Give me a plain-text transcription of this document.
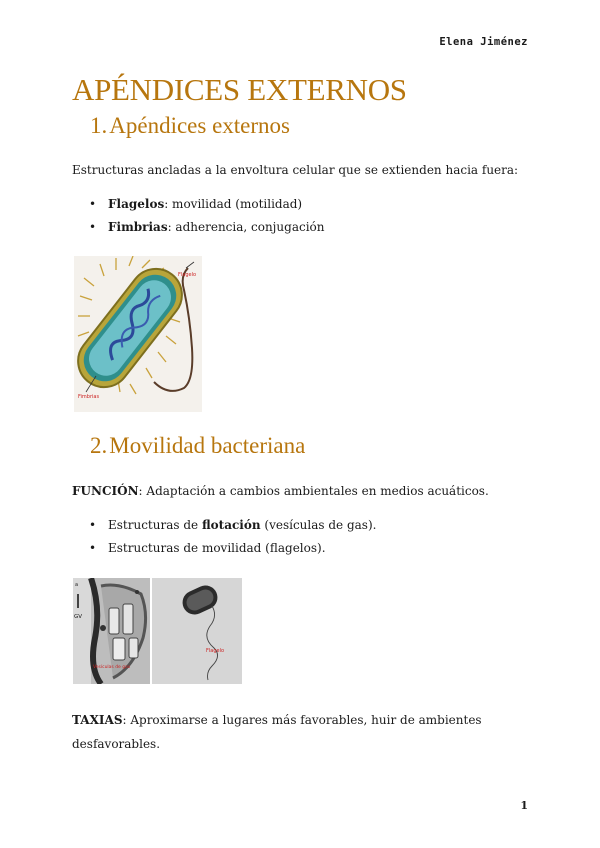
Elena Jiménez
APÉNDICES EXTERNOS
1.Apéndices externos

Estructuras ancladas a la envoltura celular que se extienden hacia fuera:

• Flagelos: movilidad (motilidad)
• Fimbrias: adherencia, conjugación
Flagelo
Fimbrias
2.Movilidad bacteriana

FUNCIÓN: Adaptación a cambios ambientales en medios acuáticos.

• Estructuras de flotación (vesículas de gas).
• Estructuras de movilidad (flagelos).
a
GV
Vesículas de gas
Flagelo

TAXIAS: Aproximarse a lugares más favorables, huir de ambientes desfavorables.

1
